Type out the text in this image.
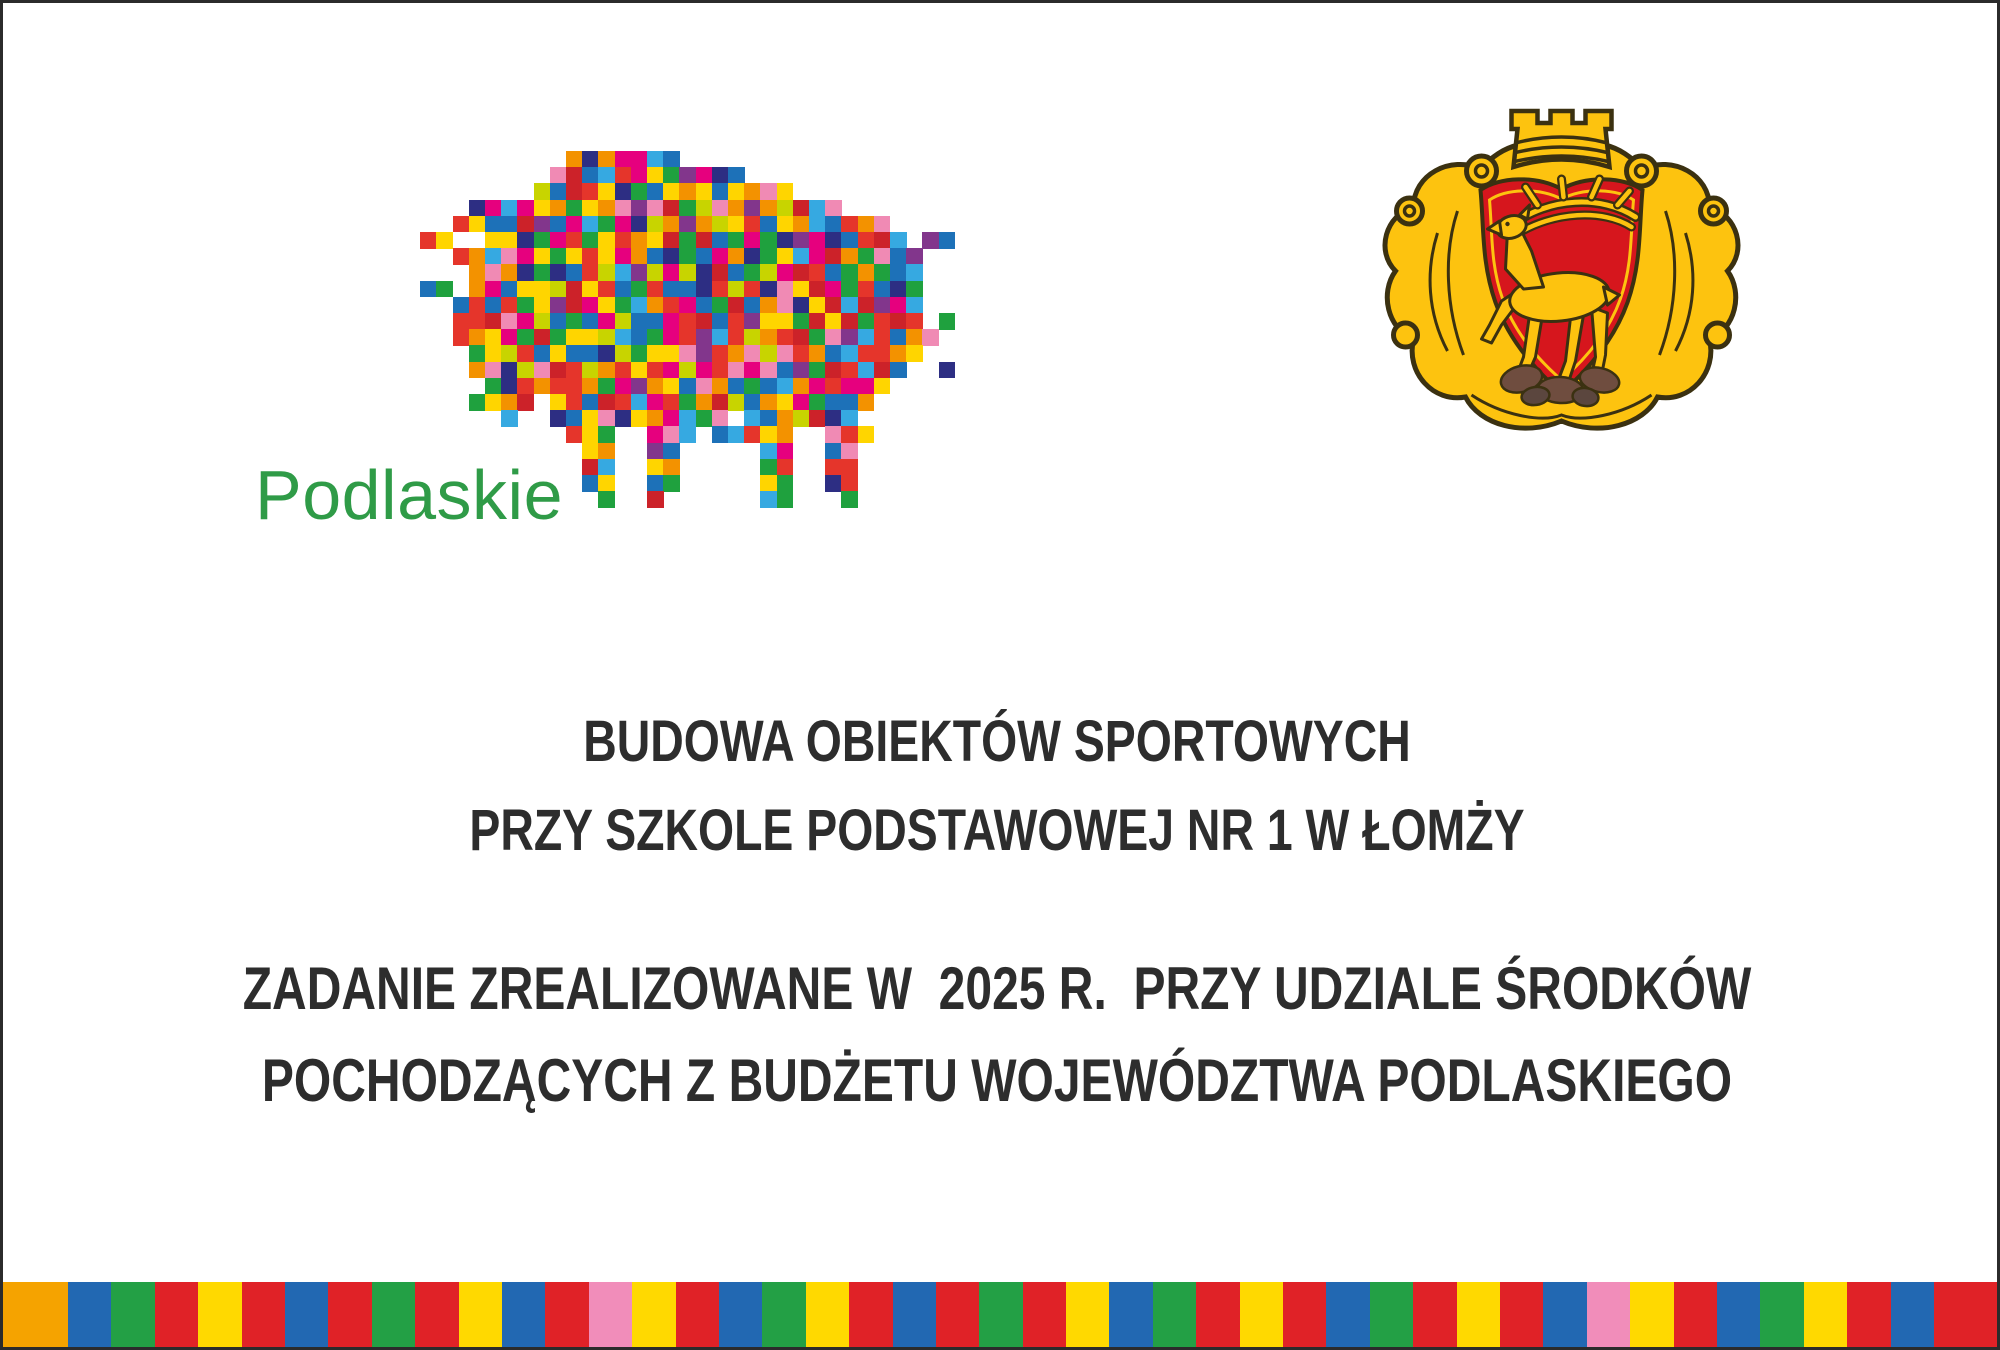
Podlaskie
BUDOWA OBIEKTÓW SPORTOWYCH
PRZY SZKOLE PODSTAWOWEJ NR 1 W ŁOMŻY
ZADANIE ZREALIZOWANE W  2025 R.  PRZY UDZIALE ŚRODKÓW
POCHODZĄCYCH Z BUDŻETU WOJEWÓDZTWA PODLASKIEGO
